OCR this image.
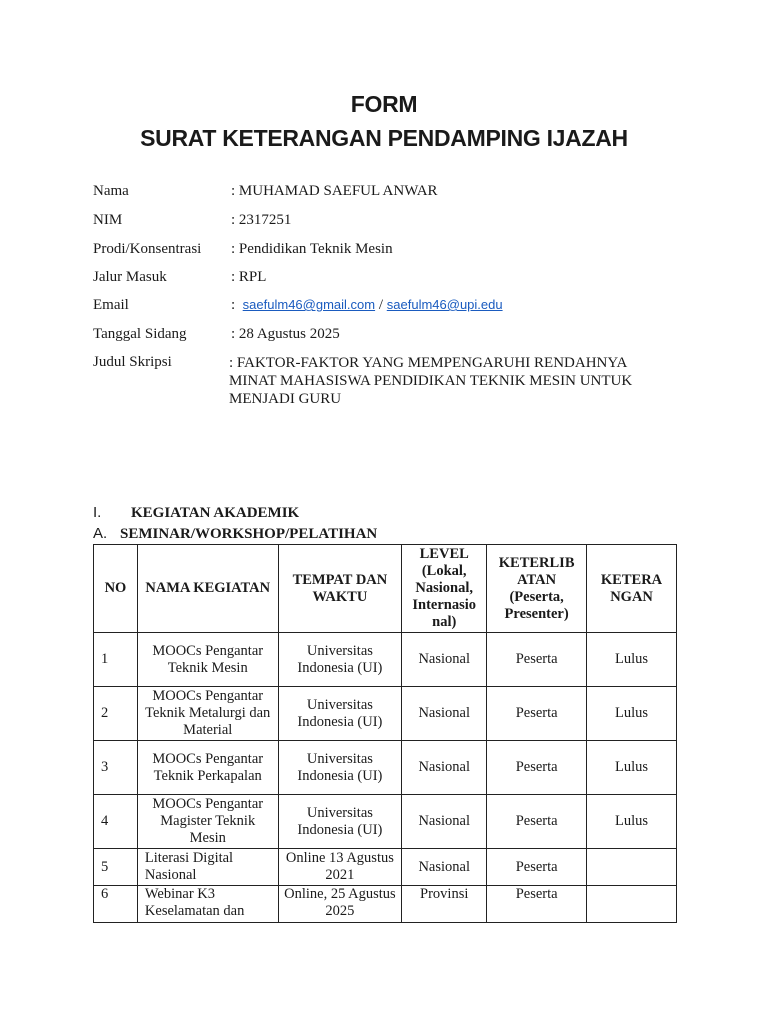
FORM
SURAT KETERANGAN PENDAMPING IJAZAH
Nama	: MUHAMAD SAEFUL ANWAR
NIM	: 2317251
Prodi/Konsentrasi : Pendidikan Teknik Mesin
Jalur Masuk	: RPL
Email	:  saefulm46@gmail.com / saefulm46@upi.edu
Tanggal Sidang	: 28 Agustus 2025
Judul Skripsi	: FAKTOR-FAKTOR YANG MEMPENGARUHI RENDAHNYA MINAT MAHASISWA PENDIDIKAN TEKNIK MESIN UNTUK MENJADI GURU
I. KEGIATAN AKADEMIK
A. SEMINAR/WORKSHOP/PELATIHAN
NO	NAMA KEGIATAN	TEMPAT DAN WAKTU	LEVEL (Lokal, Nasional, Internasio nal)	KETERLIB ATAN (Peserta, Presenter)	KETERA NGAN
1	MOOCs Pengantar Teknik Mesin	Universitas Indonesia (UI)	Nasional	Peserta	Lulus
2	MOOCs Pengantar Teknik Metalurgi dan Material	Universitas Indonesia (UI)	Nasional	Peserta	Lulus
3	MOOCs Pengantar Teknik Perkapalan	Universitas Indonesia (UI)	Nasional	Peserta	Lulus
4	MOOCs Pengantar Magister Teknik Mesin	Universitas Indonesia (UI)	Nasional	Peserta	Lulus
5	Literasi Digital Nasional	Online 13 Agustus 2021	Nasional	Peserta	
6	Webinar K3 Keselamatan dan	Online, 25 Agustus 2025	Provinsi	Peserta	
